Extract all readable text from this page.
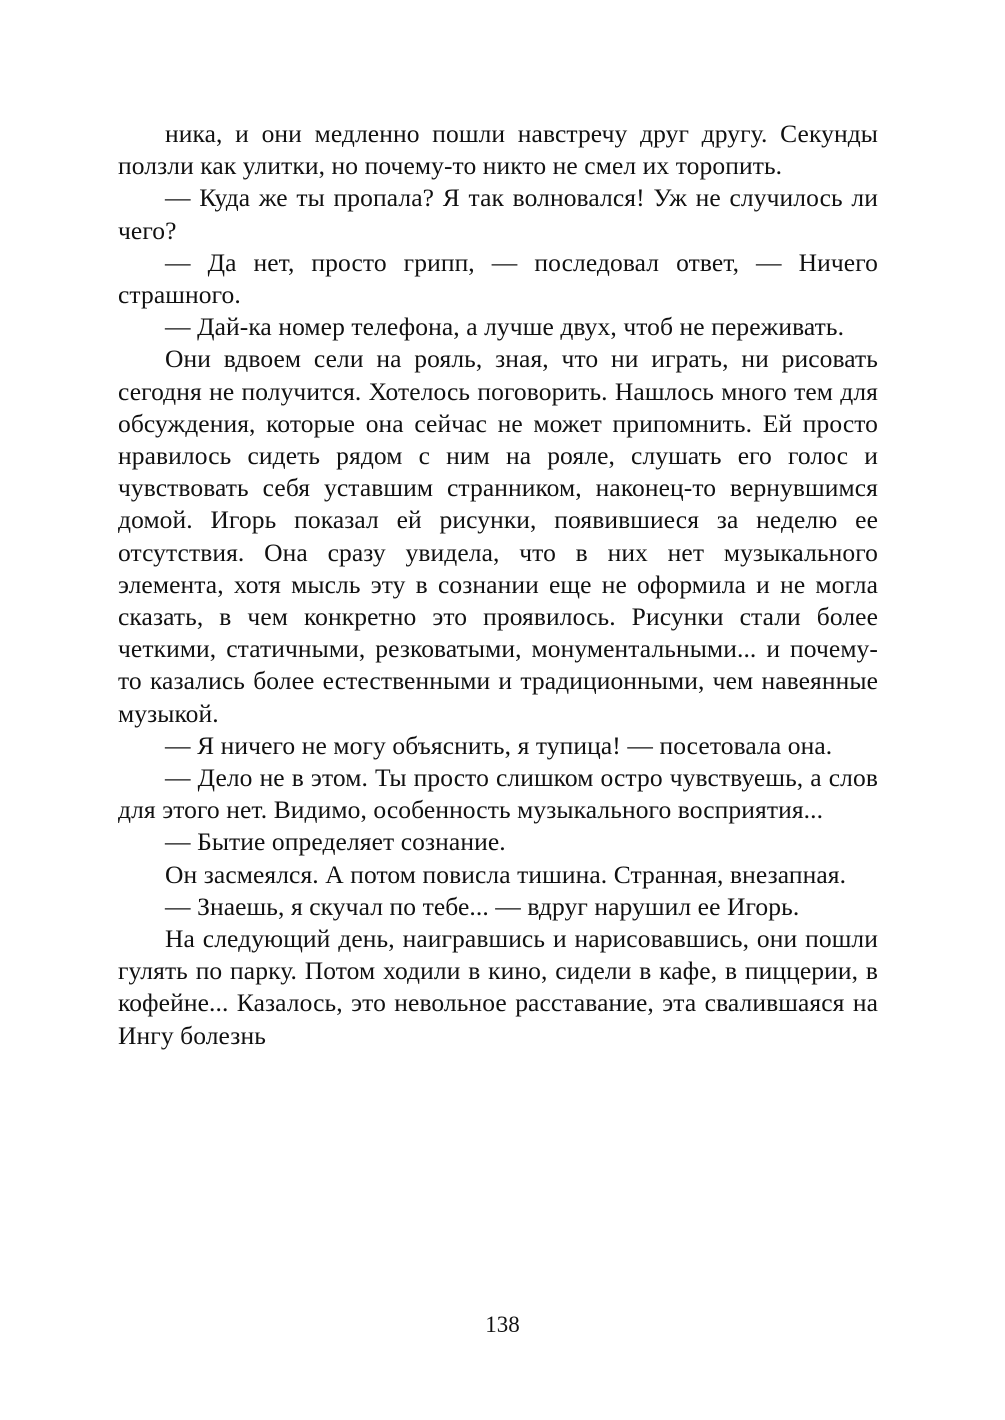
ника, и они медленно пошли навстречу друг другу. Секунды ползли как улитки, но почему-то никто не смел их торопить.

— Куда же ты пропала? Я так волновался! Уж не случилось ли чего?

— Да нет, просто грипп, — последовал ответ, — Ничего страшного.

— Дай-ка номер телефона, а лучше двух, чтоб не переживать.

Они вдвоем сели на рояль, зная, что ни играть, ни рисовать сегодня не получится. Хотелось поговорить. Нашлось много тем для обсуждения, которые она сейчас не может припомнить. Ей просто нравилось сидеть рядом с ним на рояле, слушать его голос и чувствовать себя уставшим странником, наконец-то вернувшимся домой. Игорь показал ей рисунки, появившиеся за неделю ее отсутствия. Она сразу увидела, что в них нет музыкального элемента, хотя мысль эту в сознании еще не оформила и не могла сказать, в чем конкретно это проявилось. Рисунки стали более четкими, статичными, резковатыми, монументальными... и почему-то казались более естественными и традиционными, чем навеянные музыкой.

— Я ничего не могу объяснить, я тупица! — посетовала она.

— Дело не в этом. Ты просто слишком остро чувствуешь, а слов для этого нет. Видимо, особенность музыкального восприятия...

— Бытие определяет сознание.

Он засмеялся. А потом повисла тишина. Странная, внезапная.

— Знаешь, я скучал по тебе... — вдруг нарушил ее Игорь.

На следующий день, наигравшись и нарисовавшись, они пошли гулять по парку. Потом ходили в кино, сидели в кафе, в пиццерии, в кофейне... Казалось, это невольное расставание, эта свалившаяся на Ингу болезнь

138
